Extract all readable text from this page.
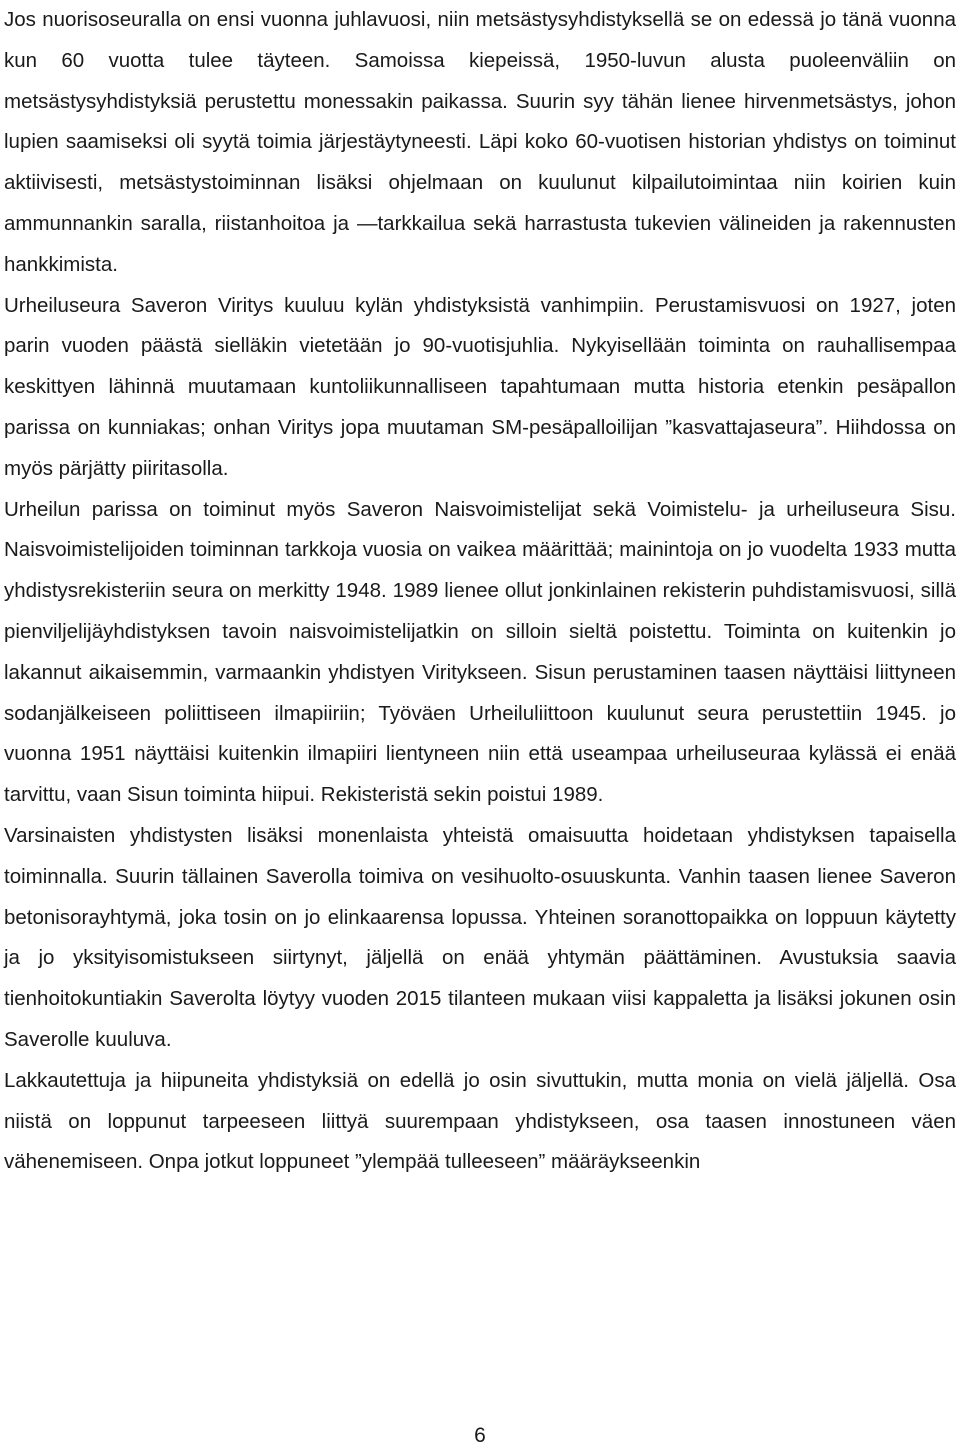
Jos nuorisoseuralla on ensi vuonna juhlavuosi, niin metsästysyhdistyksellä se on edessä jo tänä vuonna kun 60 vuotta tulee täyteen. Samoissa kiepeissä, 1950-luvun alusta puoleenväliin on metsästysyhdistyksiä perustettu monessakin paikassa. Suurin syy tähän lienee hirvenmetsästys, johon lupien saamiseksi oli syytä toimia järjestäytyneesti. Läpi koko 60-vuotisen historian yhdistys on toiminut aktiivisesti, metsästystoiminnan lisäksi ohjelmaan on kuulunut kilpailutoimintaa niin koirien kuin ammunnankin saralla, riistanhoitoa ja —tarkkailua sekä harrastusta tukevien välineiden ja rakennusten hankkimista.

Urheiluseura Saveron Viritys kuuluu kylän yhdistyksistä vanhimpiin. Perustamisvuosi on 1927, joten parin vuoden päästä sielläkin vietetään jo 90-vuotisjuhlia. Nykyisellään toiminta on rauhallisempaa keskittyen lähinnä muutamaan kuntoliikunnalliseen tapahtumaan mutta historia etenkin pesäpallon parissa on kunniakas; onhan Viritys jopa muutaman SM-pesäpalloilijan ”kasvattajaseura”. Hiihdossa on myös pärjätty piiritasolla.

Urheilun parissa on toiminut myös Saveron Naisvoimistelijat sekä Voimistelu- ja urheiluseura Sisu. Naisvoimistelijoiden toiminnan tarkkoja vuosia on vaikea määrittää; mainintoja on jo vuodelta 1933 mutta yhdistysrekisteriin seura on merkitty 1948. 1989 lienee ollut jonkinlainen rekisterin puhdistamisvuosi, sillä pienviljelijäyhdistyksen tavoin naisvoimistelijatkin on silloin sieltä poistettu. Toiminta on kuitenkin jo lakannut aikaisemmin, varmaankin yhdistyen Viritykseen. Sisun perustaminen taasen näyttäisi liittyneen sodanjälkeiseen poliittiseen ilmapiiriin; Työväen Urheiluliittoon kuulunut seura perustettiin 1945. jo vuonna 1951 näyttäisi kuitenkin ilmapiiri lientyneen niin että useampaa urheiluseuraa kylässä ei enää tarvittu, vaan Sisun toiminta hiipui. Rekisteristä sekin poistui 1989.

Varsinaisten yhdistysten lisäksi monenlaista yhteistä omaisuutta hoidetaan yhdistyksen tapaisella toiminnalla. Suurin tällainen Saverolla toimiva on vesihuolto-osuuskunta. Vanhin taasen lienee Saveron betonisorayhtymä, joka tosin on jo elinkaarensa lopussa. Yhteinen soranottopaikka on loppuun käytetty ja jo yksityisomistukseen siirtynyt, jäljellä on enää yhtymän päättäminen. Avustuksia saavia tienhoitokuntiakin Saverolta löytyy vuoden 2015 tilanteen mukaan viisi kappaletta ja lisäksi jokunen osin Saverolle kuuluva.

Lakkautettuja ja hiipuneita yhdistyksiä on edellä jo osin sivuttukin, mutta monia on vielä jäljellä. Osa niistä on loppunut tarpeeseen liittyä suurempaan yhdistykseen, osa taasen innostuneen väen vähenemiseen. Onpa jotkut loppuneet ”ylempää tulleeseen” määräykseenkin

6
